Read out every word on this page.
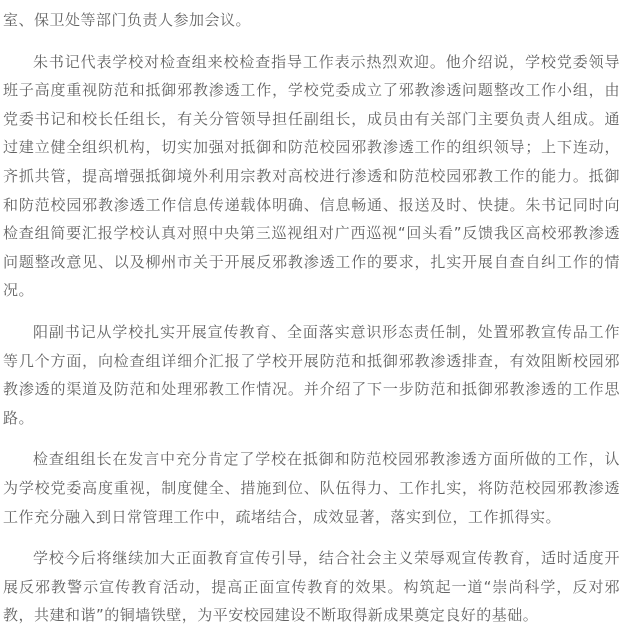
室、保卫处等部门负责人参加会议。

朱书记代表学校对检查组来校检查指导工作表示热烈欢迎。他介绍说，学校党委领导班子高度重视防范和抵御邪教渗透工作，学校党委成立了邪教渗透问题整改工作小组，由党委书记和校长任组长，有关分管领导担任副组长，成员由有关部门主要负责人组成。通过建立健全组织机构，切实加强对抵御和防范校园邪教渗透工作的组织领导；上下连动，齐抓共管，提高增强抵御境外利用宗教对高校进行渗透和防范校园邪教工作的能力。抵御和防范校园邪教渗透工作信息传递载体明确、信息畅通、报送及时、快捷。朱书记同时向检查组简要汇报学校认真对照中央第三巡视组对广西巡视“回头看”反馈我区高校邪教渗透问题整改意见、以及柳州市关于开展反邪教渗透工作的要求，扎实开展自查自纠工作的情况。

阳副书记从学校扎实开展宣传教育、全面落实意识形态责任制，处置邪教宣传品工作等几个方面，向检查组详细介汇报了学校开展防范和抵御邪教渗透排查，有效阻断校园邪教渗透的渠道及防范和处理邪教工作情况。并介绍了下一步防范和抵御邪教渗透的工作思路。

检查组组长在发言中充分肯定了学校在抵御和防范校园邪教渗透方面所做的工作，认为学校党委高度重视，制度健全、措施到位、队伍得力、工作扎实，将防范校园邪教渗透工作充分融入到日常管理工作中，疏堵结合，成效显著，落实到位，工作抓得实。

学校今后将继续加大正面教育宣传引导，结合社会主义荣辱观宣传教育，适时适度开展反邪教警示宣传教育活动，提高正面宣传教育的效果。构筑起一道“崇尚科学，反对邪教，共建和谐”的铜墙铁壁，为平安校园建设不断取得新成果奠定良好的基础。
